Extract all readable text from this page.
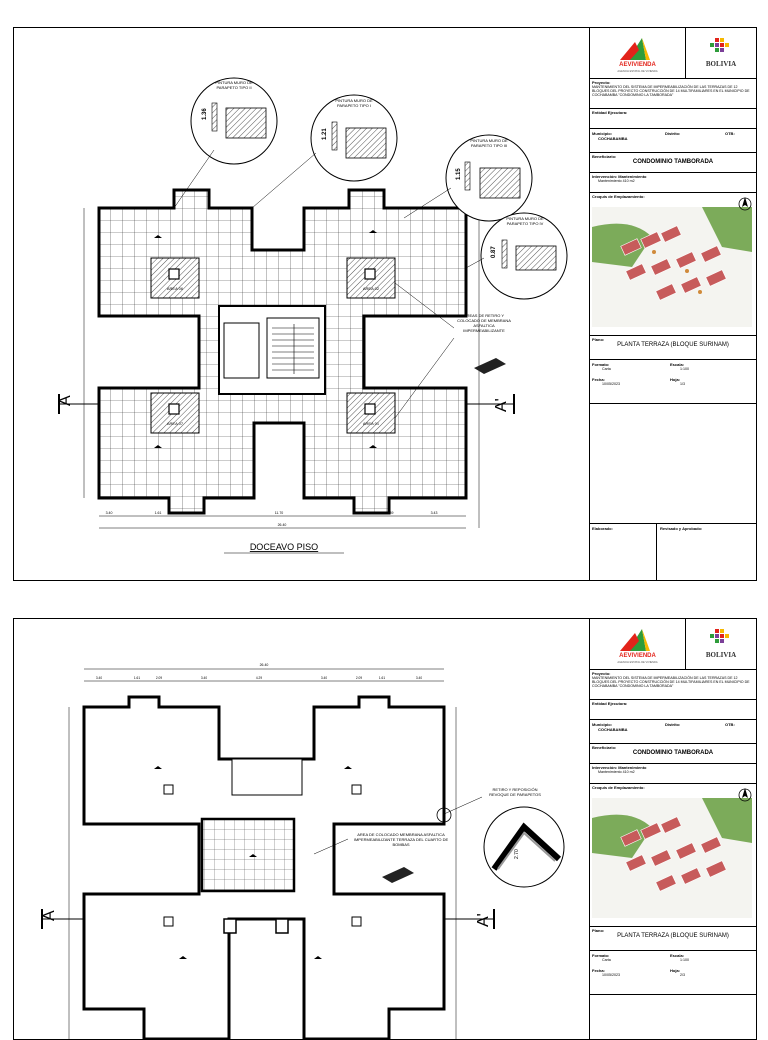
AREA 06	AREA 02
AREA 07	AREA 01
A	A'
3.40	1.61	2.09	11.70	2.10	1.89	3.43
26.40
DOCEAVO PISO
1.36
PINTURA MURO DE PARAPETO TIPO II
1.21
PINTURA MURO DE PARAPETO TIPO I
1.15
PINTURA MURO DE PARAPETO TIPO III
0.87
PINTURA MURO DE PARAPETO TIPO IV
AREAS DE RETIRO Y COLOCADO DE MEMBRANA ASFALTICA IMPERMEABILIZANTE
AEVIVIENDA
AGENCIA ESTATAL DE VIVIENDA
BOLIVIA
Proyecto:
MANTENIMIENTO DEL SISTEMA DE IMPERMEABILIZACIÓN DE LAS TERRAZAS DE 12 BLOQUES DEL PROYECTO CONSTRUCCIÓN DE 14 MULTIFAMILIARES EN EL MUNICIPIO DE COCHABAMBA "CONDOMINIO LA TAMBORADA"
Entidad Ejecutora:
Municipio:
COCHABAMBA
Distrito:	OTB:
Beneficiario:
CONDOMINIO TAMBORADA
Intervención: Mantenimiento
Mantenimiento 410 m2
Croquis de Emplazamiento:
Plano:
PLANTA TERRAZA (BLOQUE SURINAM)
Formato:
Carta
Escala:
1:100
Fecha:
10/05/2023
Hoja:
1/3
Elaborado:	Revisado y Aprobado:
26.40
3.40	1.61	2.09	3.40	4.29	3.40	2.09	1.61	3.40
A	A'
RETIRO Y REPOSICIÓN REVOQUE DE PARAPETOS
AREA DE COLOCADO MEMBRANA ASFALTICA IMPERMEABILIZANTE TERRAZA DEL CUARTO DE BOMBAS
2.70
AEVIVIENDA
AGENCIA ESTATAL DE VIVIENDA
BOLIVIA
Proyecto:
MANTENIMIENTO DEL SISTEMA DE IMPERMEABILIZACIÓN DE LAS TERRAZAS DE 12 BLOQUES DEL PROYECTO CONSTRUCCIÓN DE 14 MULTIFAMILIARES EN EL MUNICIPIO DE COCHABAMBA "CONDOMINIO LA TAMBORADA"
Entidad Ejecutora:
Municipio:
COCHABAMBA
Distrito:	OTB:
Beneficiario:
CONDOMINIO TAMBORADA
Intervención: Mantenimiento
Mantenimiento 410 m2
Croquis de Emplazamiento:
Plano:
PLANTA TERRAZA (BLOQUE SURINAM)
Formato:
Carta
Escala:
1:100
Fecha:
10/05/2023
Hoja:
2/3
